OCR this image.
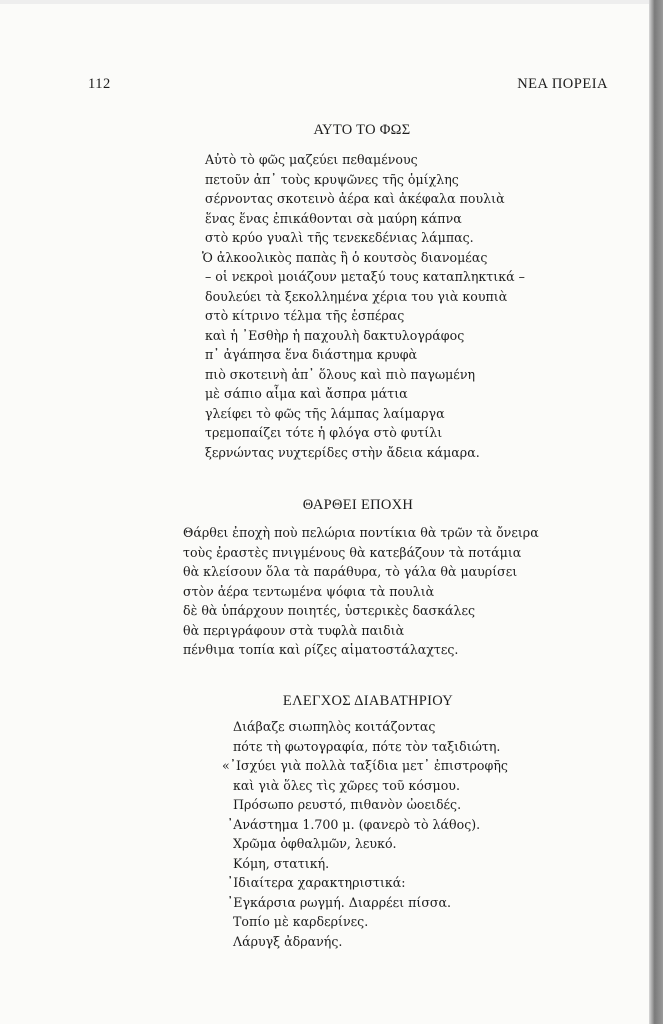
112	ΝΕΑ ΠΟΡΕΙΑ
ΑΥΤΟ ΤΟ ΦΩΣ
Αὐτὸ τὸ φῶς μαζεύει πεθαμένους
πετοῦν ἀπ᾽ τοὺς κρυψῶνες τῆς ὁμίχλης
σέρνοντας σκοτεινὸ ἀέρα καὶ ἀκέφαλα πουλιὰ
ἕνας ἕνας ἐπικάθονται σὰ μαύρη κάπνα
στὸ κρύο γυαλὶ τῆς τενεκεδένιας λάμπας.
Ὁ ἀλκοολικὸς παπὰς ἢ ὁ κουτσὸς διανομέας
– οἱ νεκροὶ μοιάζουν μεταξύ τους καταπληκτικά –
δουλεύει τὰ ξεκολλημένα χέρια του γιὰ κουπιὰ
στὸ κίτρινο τέλμα τῆς ἑσπέρας
καὶ ἡ ᾽Εσθὴρ ἡ παχουλὴ δακτυλογράφος
π᾽ ἀγάπησα ἕνα διάστημα κρυφὰ
πιὸ σκοτεινὴ ἀπ᾽ ὅλους καὶ πιὸ παγωμένη
μὲ σάπιο αἷμα καὶ ἄσπρα μάτια
γλείφει τὸ φῶς τῆς λάμπας λαίμαργα
τρεμοπαίζει τότε ἡ φλόγα στὸ φυτίλι
ξερνώντας νυχτερίδες στὴν ἄδεια κάμαρα.
ΘΑΡΘΕΙ ΕΠΟΧΗ
Θάρθει ἐποχὴ ποὺ πελώρια ποντίκια θὰ τρῶν τὰ ὄνειρα
τοὺς ἐραστὲς πνιγμένους θὰ κατεβάζουν τὰ ποτάμια
θὰ κλείσουν ὅλα τὰ παράθυρα, τὸ γάλα θὰ μαυρίσει
στὸν ἀέρα τεντωμένα ψόφια τὰ πουλιὰ
δὲ θὰ ὑπάρχουν ποιητές, ὑστερικὲς δασκάλες
θὰ περιγράφουν στὰ τυφλὰ παιδιὰ
πένθιμα τοπία καὶ ρίζες αἱματοστάλαχτες.
ΕΛΕΓΧΟΣ ΔΙΑΒΑΤΗΡΙΟΥ
Διάβαζε σιωπηλὸς κοιτάζοντας
πότε τὴ φωτογραφία, πότε τὸν ταξιδιώτη.
«᾽Ισχύει γιὰ πολλὰ ταξίδια μετ᾽ ἐπιστροφῆς
καὶ γιὰ ὅλες τὶς χῶρες τοῦ κόσμου.
Πρόσωπο ρευστό, πιθανὸν ὠοειδές.
᾽Ανάστημα 1.700 μ. (φανερὸ τὸ λάθος).
Χρῶμα ὀφθαλμῶν, λευκό.
Κόμη, στατική.
᾽Ιδιαίτερα χαρακτηριστικά:
᾽Εγκάρσια ρωγμή. Διαρρέει πίσσα.
Τοπίο μὲ καρδερίνες.
Λάρυγξ ἀδρανής.
